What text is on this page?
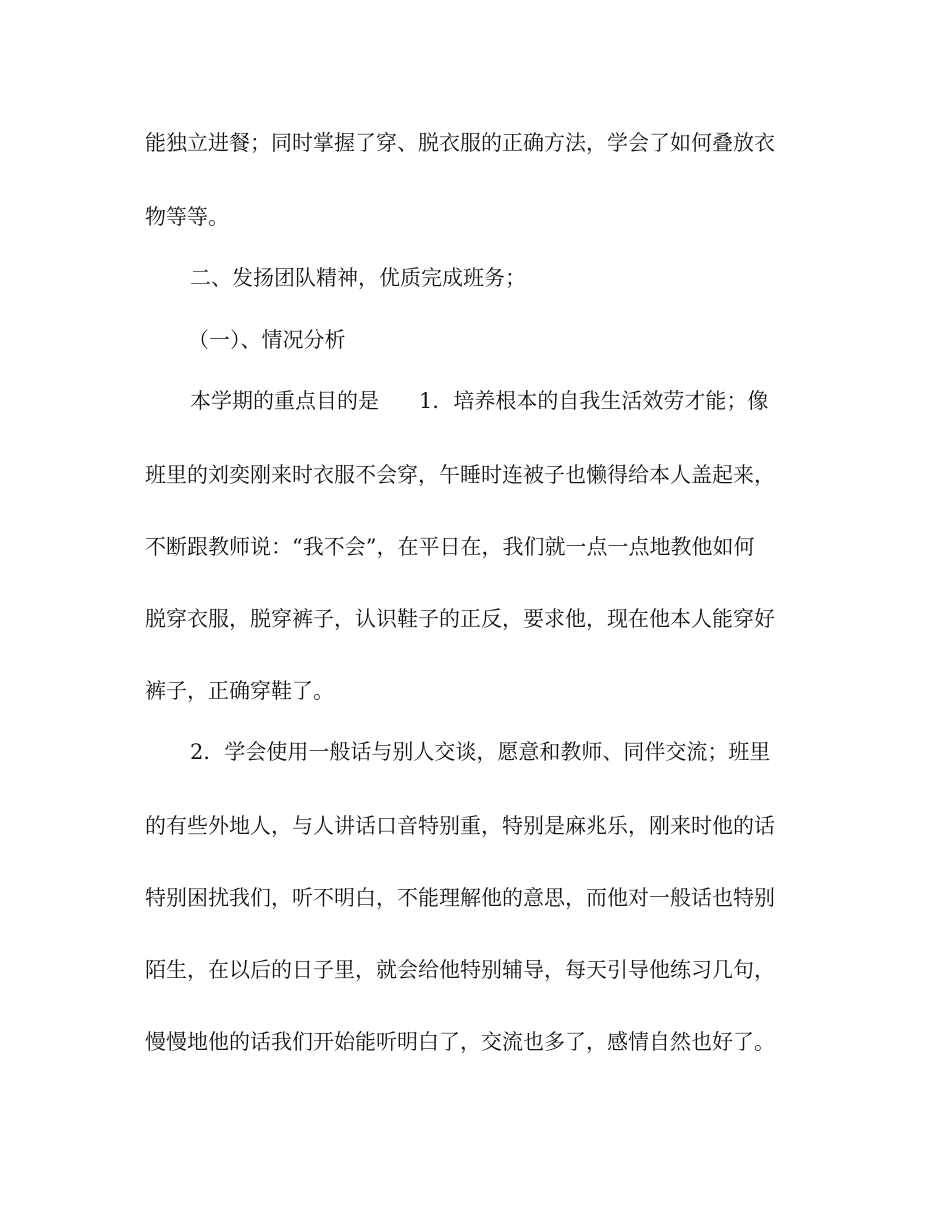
能独立进餐；同时掌握了穿、脱衣服的正确方法，学会了如何叠放衣
物等等。
二、发扬团队精神，优质完成班务；
（一）、情况分析
本学期的重点目的是 1．培养根本的自我生活效劳才能；像
班里的刘奕刚来时衣服不会穿，午睡时连被子也懒得给本人盖起来，
不断跟教师说：“我不会”，在平日在，我们就一点一点地教他如何
脱穿衣服，脱穿裤子，认识鞋子的正反，要求他，现在他本人能穿好
裤子，正确穿鞋了。
2．学会使用一般话与别人交谈，愿意和教师、同伴交流；班里
的有些外地人，与人讲话口音特别重，特别是麻兆乐，刚来时他的话
特别困扰我们，听不明白，不能理解他的意思，而他对一般话也特别
陌生，在以后的日子里，就会给他特别辅导，每天引导他练习几句，
慢慢地他的话我们开始能听明白了，交流也多了，感情自然也好了。
